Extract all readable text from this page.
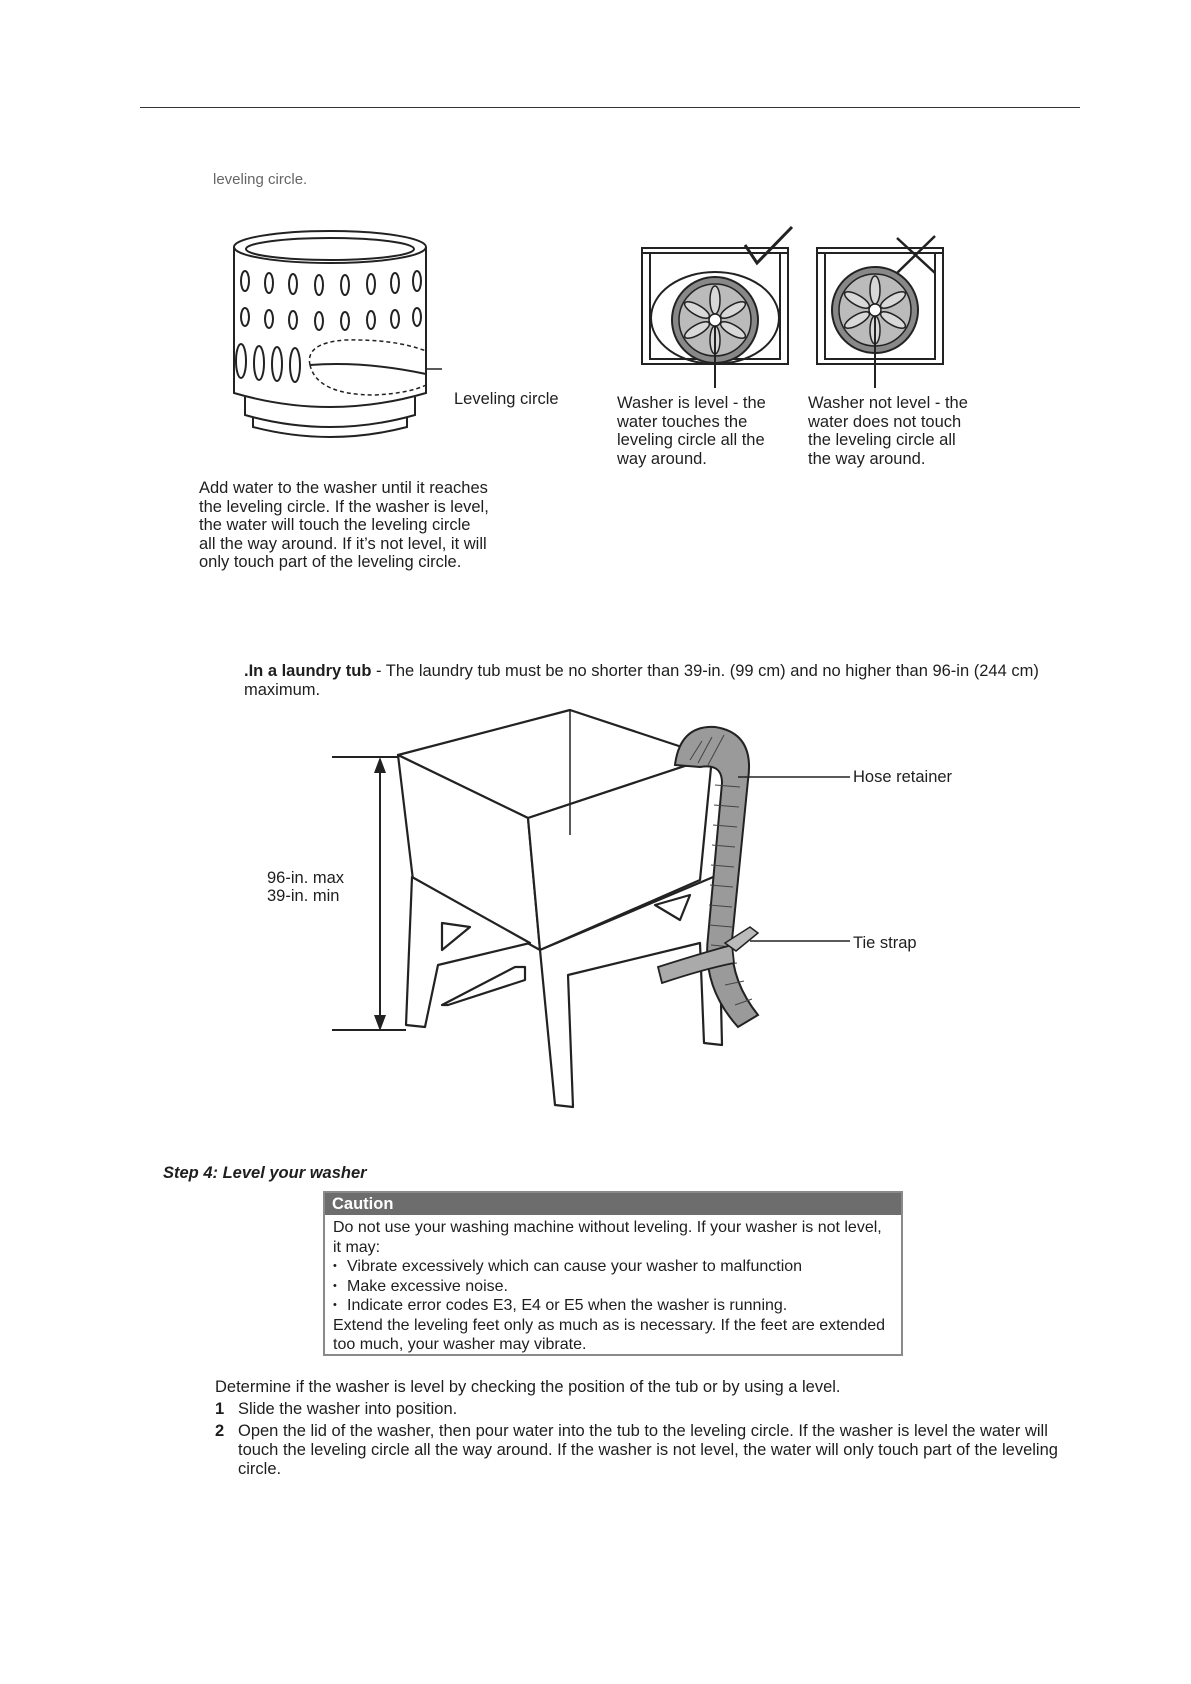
leveling circle.
Leveling circle
Add water to the washer until it reaches
the leveling circle. If the washer is level,
the water will touch the leveling circle
all the way around. If it’s not level, it will
only touch part of the leveling circle.
Washer is level - the
water touches the
leveling circle all the
way around.
Washer not level - the
water does not touch
the leveling circle all
the way around.
.In a laundry tub - The laundry tub must be no shorter than 39-in. (99 cm) and no higher than 96-in (244 cm) maximum.
96-in. max
39-in. min
Hose retainer
Tie strap
Step 4: Level your washer
Caution
Do not use your washing machine without leveling. If your washer is not level, it may:
• Vibrate excessively which can cause your washer to malfunction
• Make excessive noise.
• Indicate error codes E3, E4 or E5 when the washer is running.
Extend the leveling feet only as much as is necessary. If the feet are extended too much, your washer may vibrate.
Determine if the washer is level by checking the position of the tub or by using a level.
1 Slide the washer into position.
2 Open the lid of the washer, then pour water into the tub to the leveling circle. If the washer is level the water will touch the leveling circle all the way around. If the washer is not level, the water will only touch part of the leveling circle.
